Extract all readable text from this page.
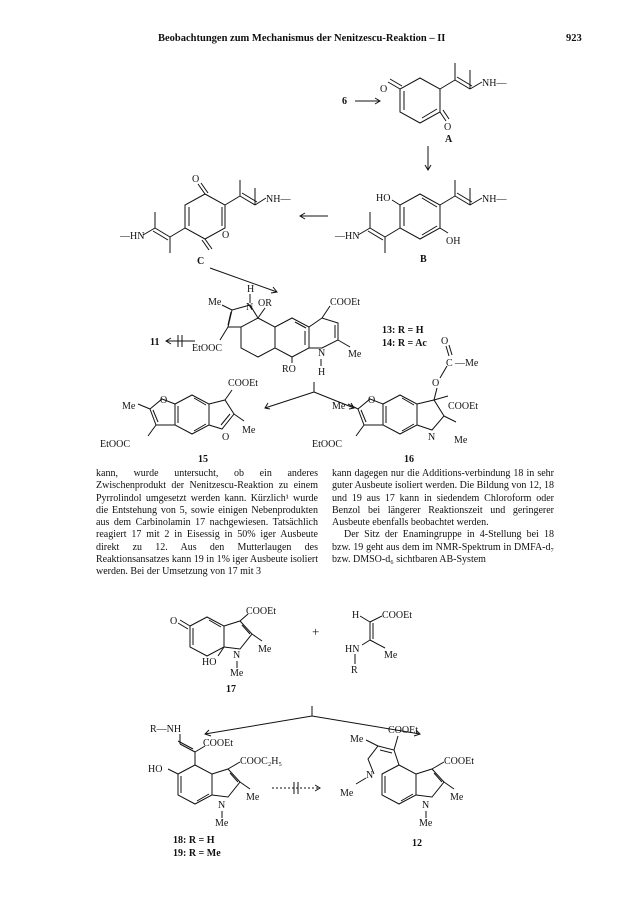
Beobachtungen zum Mechanismus der Nenitzescu-Reaktion – II	923
6
O
O
NH—
A
HO
OH
NH—
—HN
B
O
O
NH—
—HN
C
11
N
H
OR
Me
EtOOC
COOEt
N
H
Me
RO
13: R = H
14: R = Ac
O
Me
EtOOC
O
COOEt
Me
15
O
Me
EtOOC
N Me
COOEt
O
C
O
—Me
16

kann, wurde untersucht, ob ein anderes Zwischenprodukt der Nenitzescu-Reaktion zu einem Pyrrolindol umgesetzt werden kann. Kürzlich¹ wurde die Entstehung von 5, sowie einigen Nebenprodukten aus dem Carbinolamin 17 nachgewiesen. Tatsächlich reagiert 17 mit 2 in Eisessig in 50% iger Ausbeute direkt zu 12. Aus den Mutterlaugen des Reaktionsansatzes kann 19 in 1% iger Ausbeute isoliert werden. Bei der Umsetzung von 17 mit 3

kann dagegen nur die Additions-verbindung 18 in sehr guter Ausbeute isoliert werden. Die Bildung von 12, 18 und 19 aus 17 kann in siedendem Chloroform oder Benzol bei längerer Reaktionszeit und geringerer Ausbeute ebenfalls beobachtet werden.

Der Sitz der Enamingruppe in 4-Stellung bei 18 bzw. 19 geht aus dem im NMR-Spektrum in DMFA-d₇ bzw. DMSO-d₆ sichtbaren AB-System

O
COOEt
N
Me
Me
HO
17
+
H COOEt
Me
HN
R
COOC₂H₅
N
Me
Me
HO
COOEt
R—NH
18: R = H
19: R = Me
COOEt
N
Me
Me
N
Me
Me
COOEt
12
